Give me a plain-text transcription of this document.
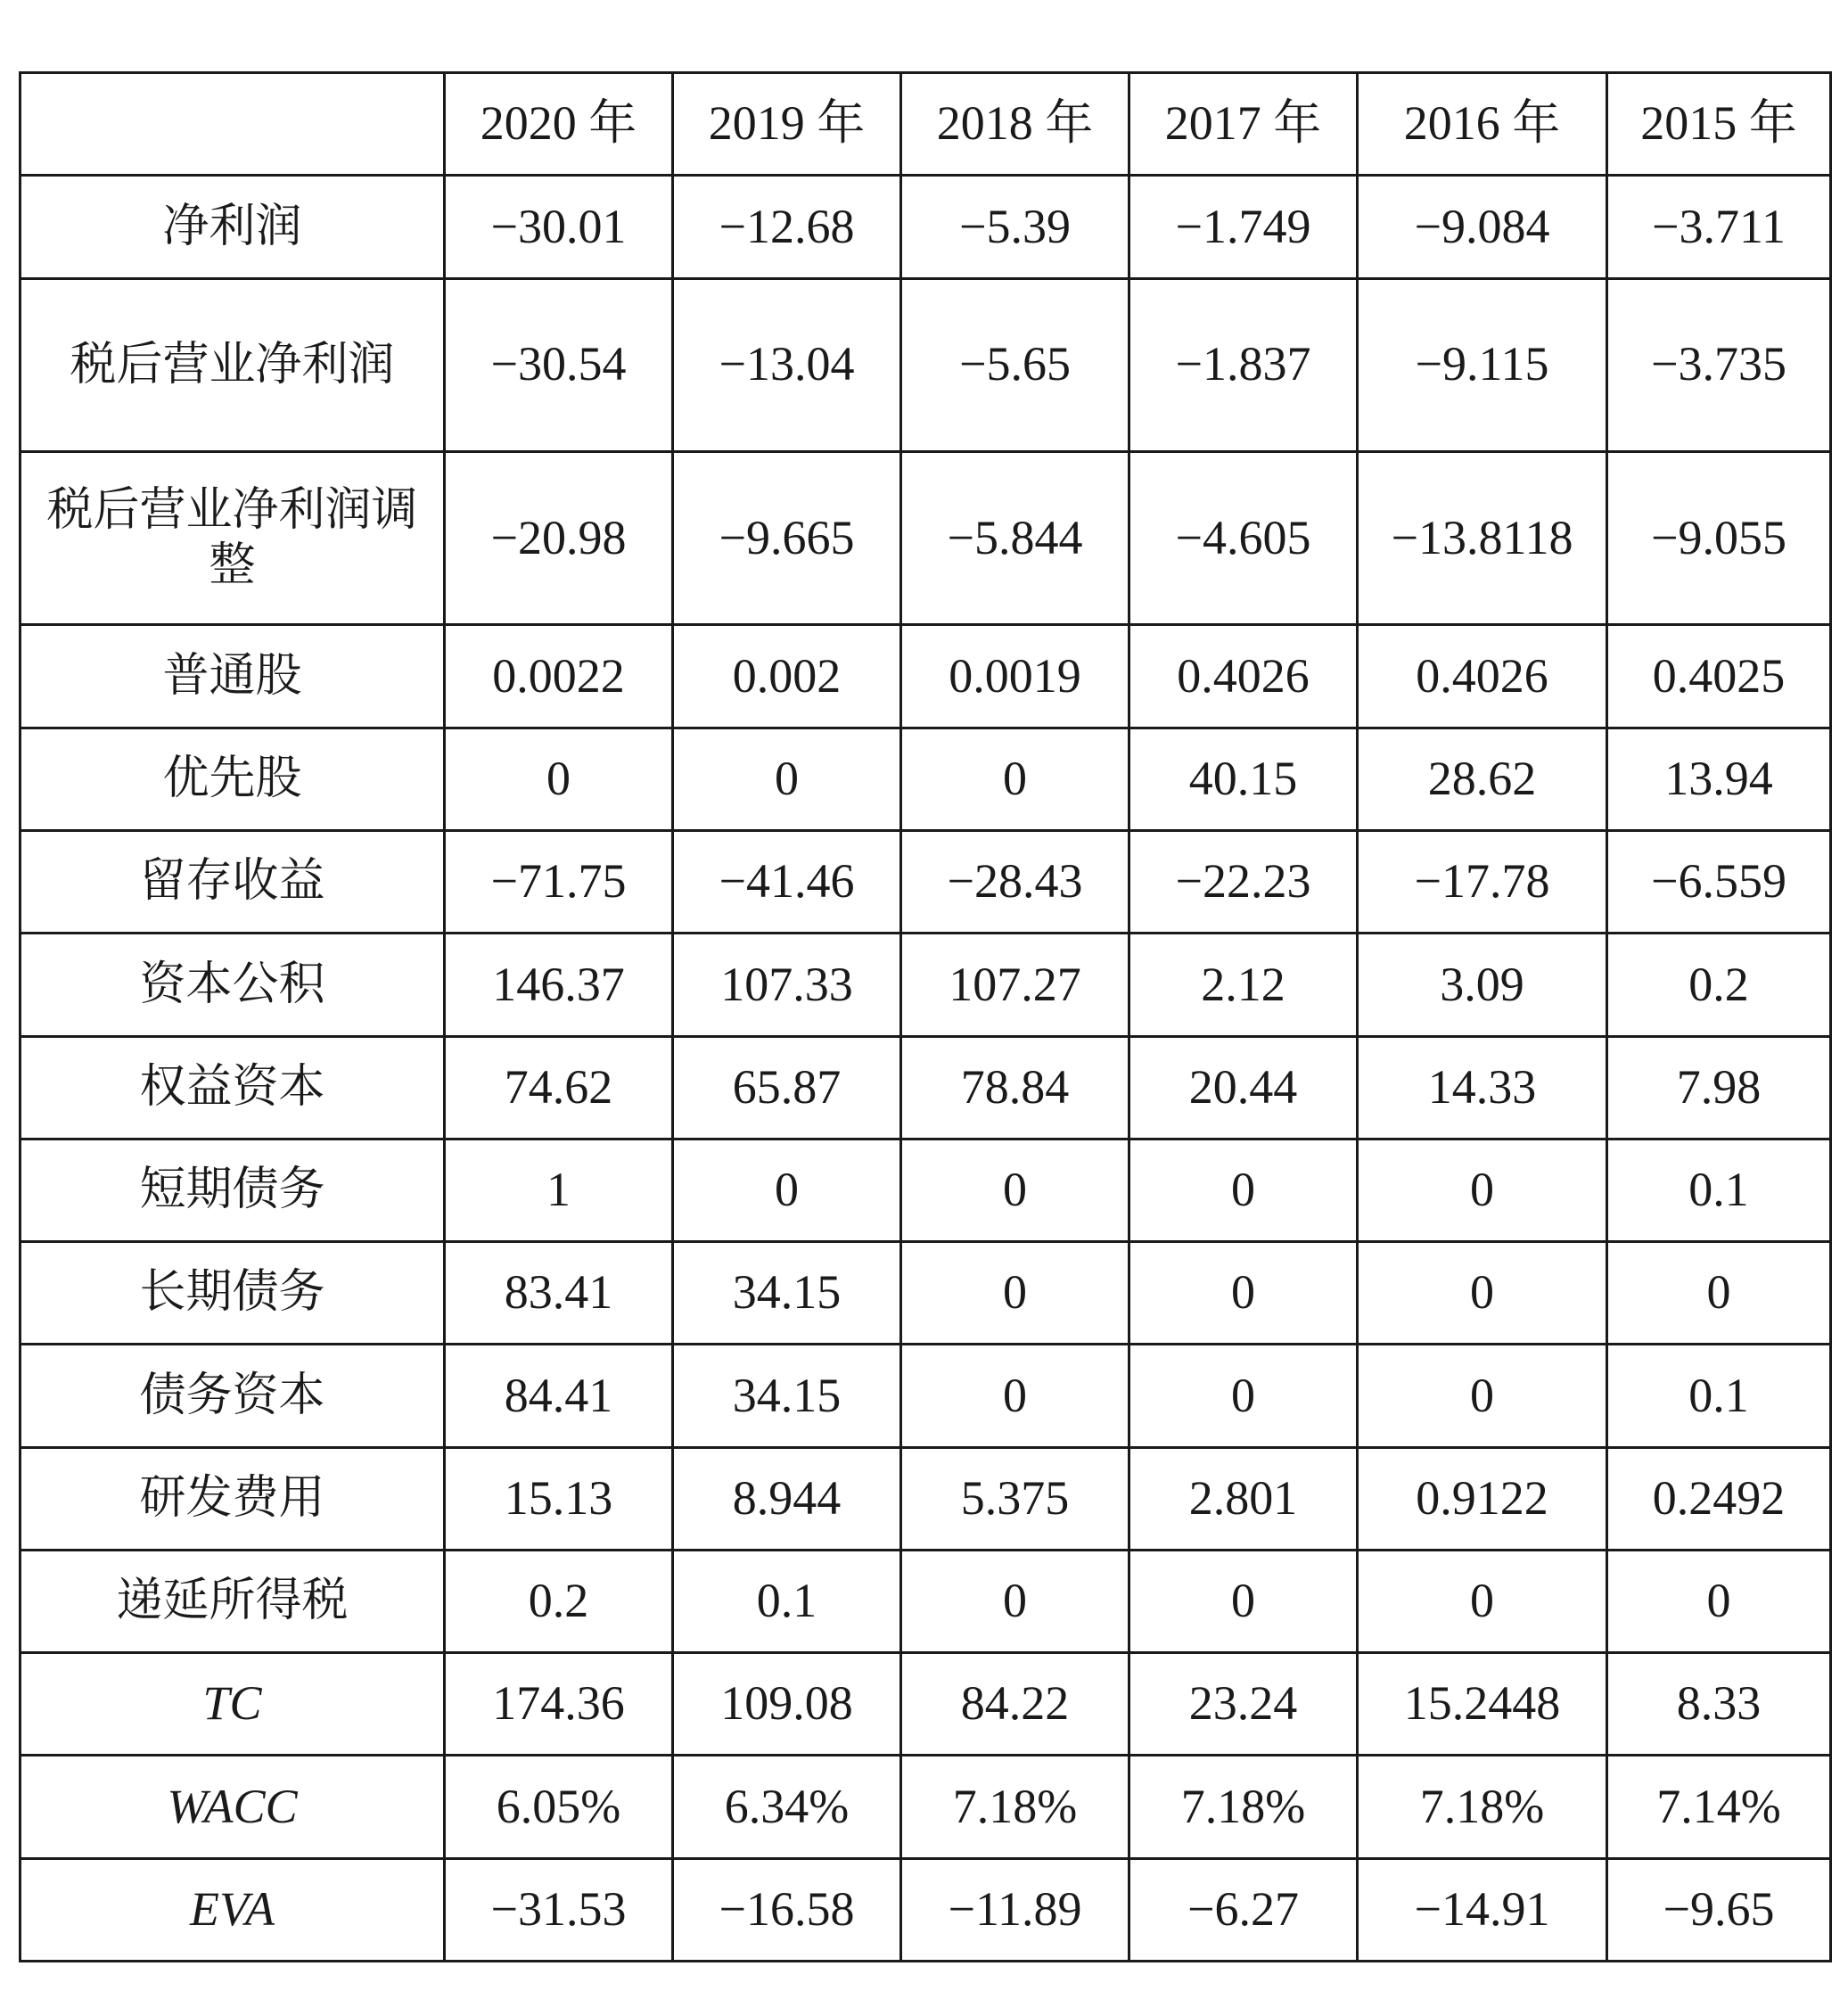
	2020 年	2019 年	2018 年	2017 年	2016 年	2015 年
净利润	−30.01	−12.68	−5.39	−1.749	−9.084	−3.711
税后营业净利润	−30.54	−13.04	−5.65	−1.837	−9.115	−3.735
税后营业净利润调整	−20.98	−9.665	−5.844	−4.605	−13.8118	−9.055
普通股	0.0022	0.002	0.0019	0.4026	0.4026	0.4025
优先股	0	0	0	40.15	28.62	13.94
留存收益	−71.75	−41.46	−28.43	−22.23	−17.78	−6.559
资本公积	146.37	107.33	107.27	2.12	3.09	0.2
权益资本	74.62	65.87	78.84	20.44	14.33	7.98
短期债务	1	0	0	0	0	0.1
长期债务	83.41	34.15	0	0	0	0
债务资本	84.41	34.15	0	0	0	0.1
研发费用	15.13	8.944	5.375	2.801	0.9122	0.2492
递延所得税	0.2	0.1	0	0	0	0
TC	174.36	109.08	84.22	23.24	15.2448	8.33
WACC	6.05%	6.34%	7.18%	7.18%	7.18%	7.14%
EVA	−31.53	−16.58	−11.89	−6.27	−14.91	−9.65
